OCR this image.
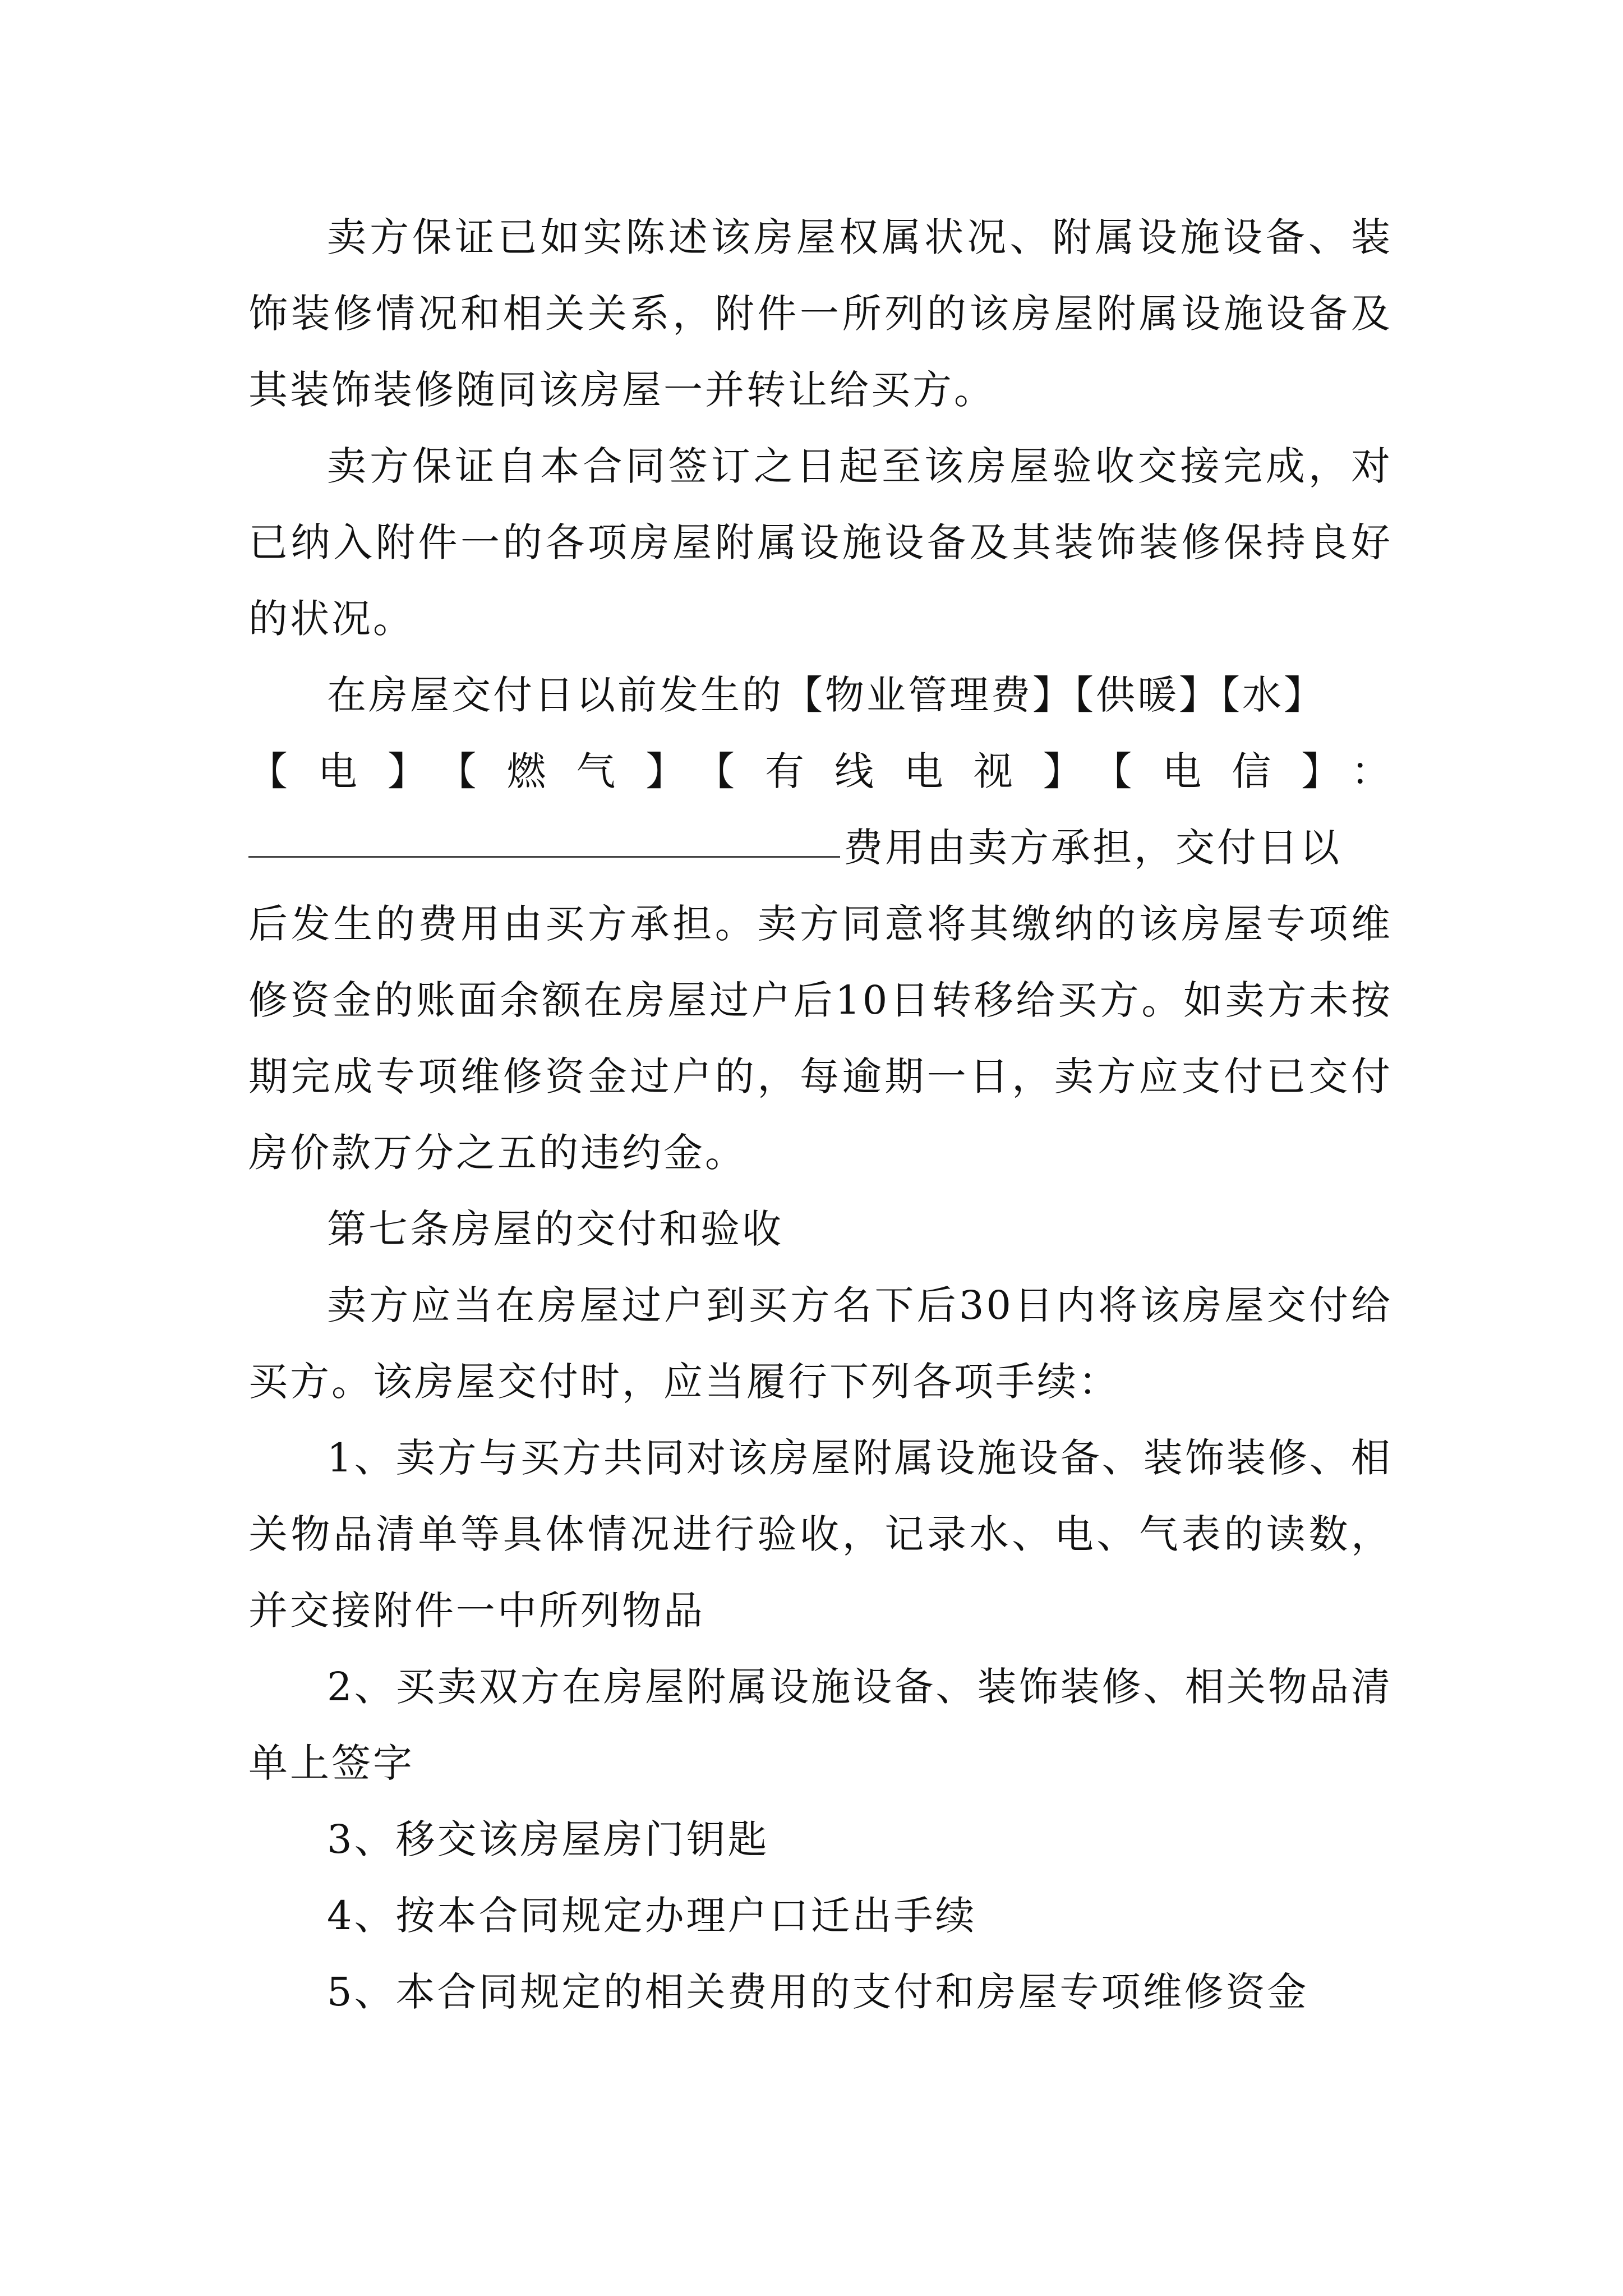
卖方保证已如实陈述该房屋权属状况、附属设施设备、装饰装修情况和相关关系，附件一所列的该房屋附属设施设备及其装饰装修随同该房屋一并转让给买方。

卖方保证自本合同签订之日起至该房屋验收交接完成，对已纳入附件一的各项房屋附属设施设备及其装饰装修保持良好的状况。

在房屋交付日以前发生的【物业管理费】【供暖】【水】

【电】【燃气】【有线电视】【电信】：

费用由卖方承担，交付日以

后发生的费用由买方承担。卖方同意将其缴纳的该房屋专项维修资金的账面余额在房屋过户后10日转移给买方。如卖方未按期完成专项维修资金过户的，每逾期一日，卖方应支付已交付房价款万分之五的违约金。

第七条房屋的交付和验收

卖方应当在房屋过户到买方名下后30日内将该房屋交付给买方。该房屋交付时，应当履行下列各项手续：

1、卖方与买方共同对该房屋附属设施设备、装饰装修、相关物品清单等具体情况进行验收，记录水、电、气表的读数，并交接附件一中所列物品

2、买卖双方在房屋附属设施设备、装饰装修、相关物品清单上签字

3、移交该房屋房门钥匙

4、按本合同规定办理户口迁出手续

5、本合同规定的相关费用的支付和房屋专项维修资金
